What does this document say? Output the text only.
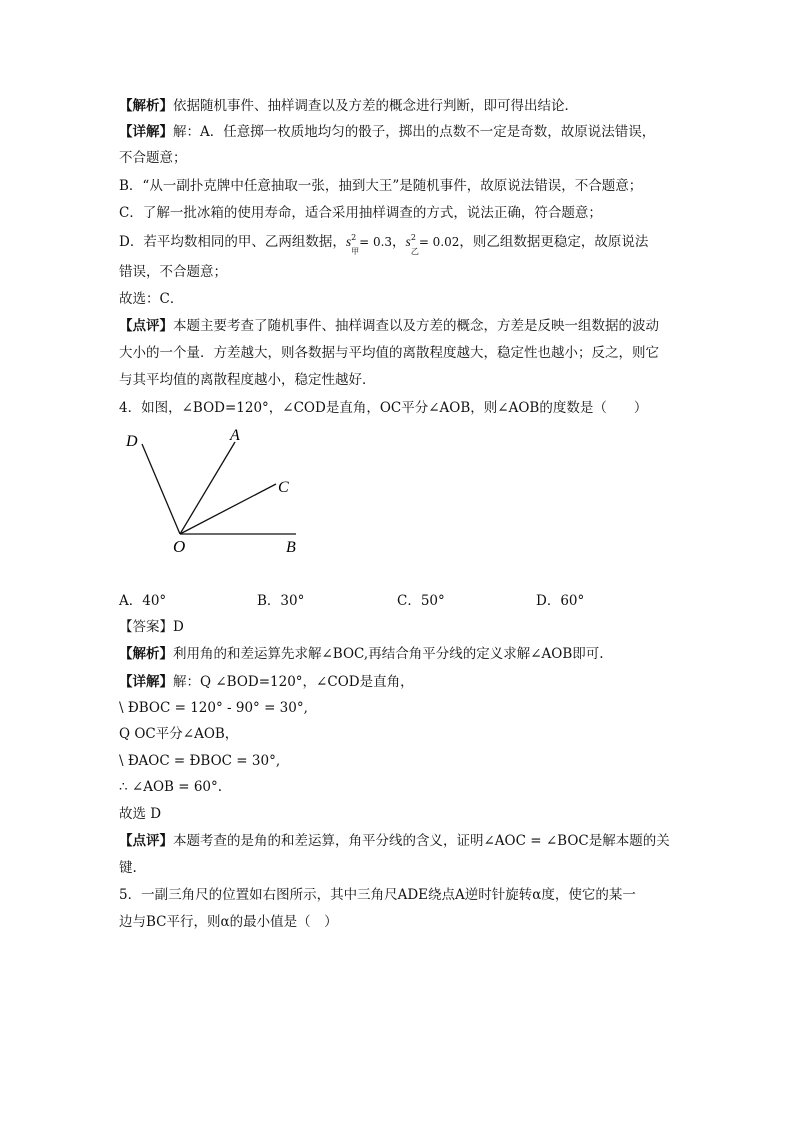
【解析】依据随机事件、抽样调查以及方差的概念进行判断，即可得出结论．
【详解】解：A．任意掷一枚质地均匀的骰子，掷出的点数不一定是奇数，故原说法错误，
不合题意；
B．“从一副扑克牌中任意抽取一张，抽到大王”是随机事件，故原说法错误，不合题意；
C．了解一批冰箱的使用寿命，适合采用抽样调查的方式，说法正确，符合题意；
D．若平均数相同的甲、乙两组数据，s 2
甲
= 0.3，s 2
乙
= 0.02，则乙组数据更稳定，故原说法
错误，不合题意；
故选：C．
【点评】本题主要考查了随机事件、抽样调查以及方差的概念，方差是反映一组数据的波动
大小的一个量．方差越大，则各数据与平均值的离散程度越大，稳定性也越小；反之，则它
与其平均值的离散程度越小，稳定性越好．
4．如图，∠BOD=120°，∠COD是直角，OC平分∠AOB，则∠AOB的度数是（　　）
D	A
C
O	B
A．40°	B．30°	C．50°	D．60°
【答案】D
【解析】利用角的和差运算先求解∠BOC,再结合角平分线的定义求解∠AOB即可.
【详解】解：Q ∠BOD=120°，∠COD是直角，
\ ÐBOC = 120° - 90° = 30°,
Q OC平分∠AOB，
\ ÐAOC = ÐBOC = 30°,
∴ ∠AOB = 60°.
故选 D
【点评】本题考查的是角的和差运算，角平分线的含义，证明∠AOC = ∠BOC是解本题的关
键.
5．一副三角尺的位置如右图所示，其中三角尺ADE绕点A逆时针旋转α度，使它的某一
边与BC平行，则α的最小值是（　）
